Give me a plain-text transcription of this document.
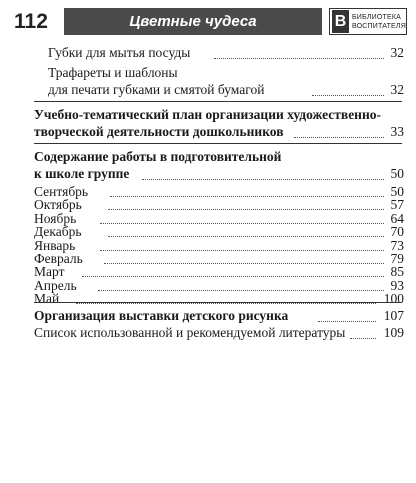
112	Цветные чудеса	В БИБЛИОТЕКА
ВОСПИТАТЕЛЯ
Губки для мытья посуды	32
Трафареты и шаблоны
для печати губками и смятой бумагой	32
Учебно-тематический план организации художественно-
творческой деятельности дошкольников	33
Содержание работы в подготовительной
к школе группе	50
Сентябрь	50
Октябрь	57
Ноябрь	64
Декабрь	70
Январь	73
Февраль	79
Март	85
Апрель	93
Май	100
Организация выставки детского рисунка	107
Список использованной и рекомендуемой литературы	109
